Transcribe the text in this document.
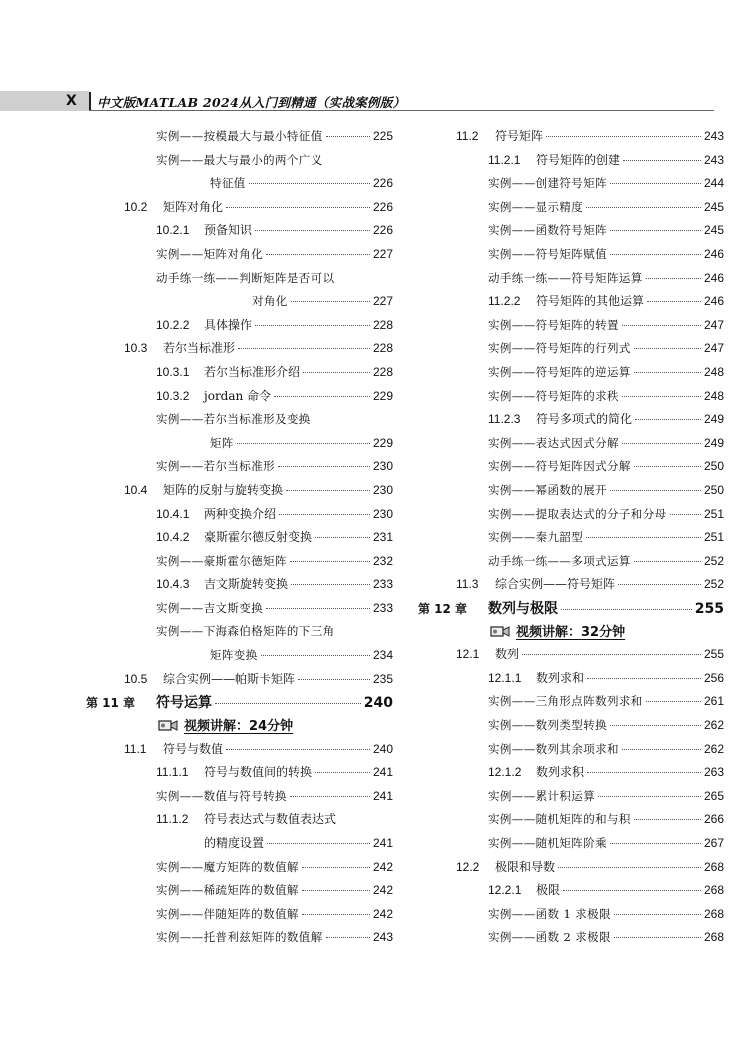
X 中文版MATLAB 2024从入门到精通（实战案例版）
实例——按模最大与最小特征值	225
实例——最大与最小的两个广义
特征值	226
10.2 矩阵对角化	226
10.2.1 预备知识	226
实例——矩阵对角化	227
动手练一练——判断矩阵是否可以
对角化	227
10.2.2 具体操作	228
10.3 若尔当标准形	228
10.3.1 若尔当标准形介绍	228
10.3.2 jordan 命令	229
实例——若尔当标准形及变换
矩阵	229
实例——若尔当标准形	230
10.4 矩阵的反射与旋转变换	230
10.4.1 两种变换介绍	230
10.4.2 豪斯霍尔德反射变换	231
实例——豪斯霍尔德矩阵	232
10.4.3 吉文斯旋转变换	233
实例——吉文斯变换	233
实例——下海森伯格矩阵的下三角
矩阵变换	234
10.5 综合实例——帕斯卡矩阵	235
第 11 章 符号运算	240
视频讲解：24分钟
11.1 符号与数值	240
11.1.1 符号与数值间的转换	241
实例——数值与符号转换	241
11.1.2 符号表达式与数值表达式
的精度设置	241
实例——魔方矩阵的数值解	242
实例——稀疏矩阵的数值解	242
实例——伴随矩阵的数值解	242
实例——托普利兹矩阵的数值解	243
11.2 符号矩阵	243
11.2.1 符号矩阵的创建	243
实例——创建符号矩阵	244
实例——显示精度	245
实例——函数符号矩阵	245
实例——符号矩阵赋值	246
动手练一练——符号矩阵运算	246
11.2.2 符号矩阵的其他运算	246
实例——符号矩阵的转置	247
实例——符号矩阵的行列式	247
实例——符号矩阵的逆运算	248
实例——符号矩阵的求秩	248
11.2.3 符号多项式的简化	249
实例——表达式因式分解	249
实例——符号矩阵因式分解	250
实例——幂函数的展开	250
实例——提取表达式的分子和分母	251
实例——秦九韶型	251
动手练一练——多项式运算	252
11.3 综合实例——符号矩阵	252
第 12 章 数列与极限	255
视频讲解：32分钟
12.1 数列	255
12.1.1 数列求和	256
实例——三角形点阵数列求和	261
实例——数列类型转换	262
实例——数列其余项求和	262
12.1.2 数列求积	263
实例——累计积运算	265
实例——随机矩阵的和与积	266
实例——随机矩阵阶乘	267
12.2 极限和导数	268
12.2.1 极限	268
实例——函数 1 求极限	268
实例——函数 2 求极限	268
